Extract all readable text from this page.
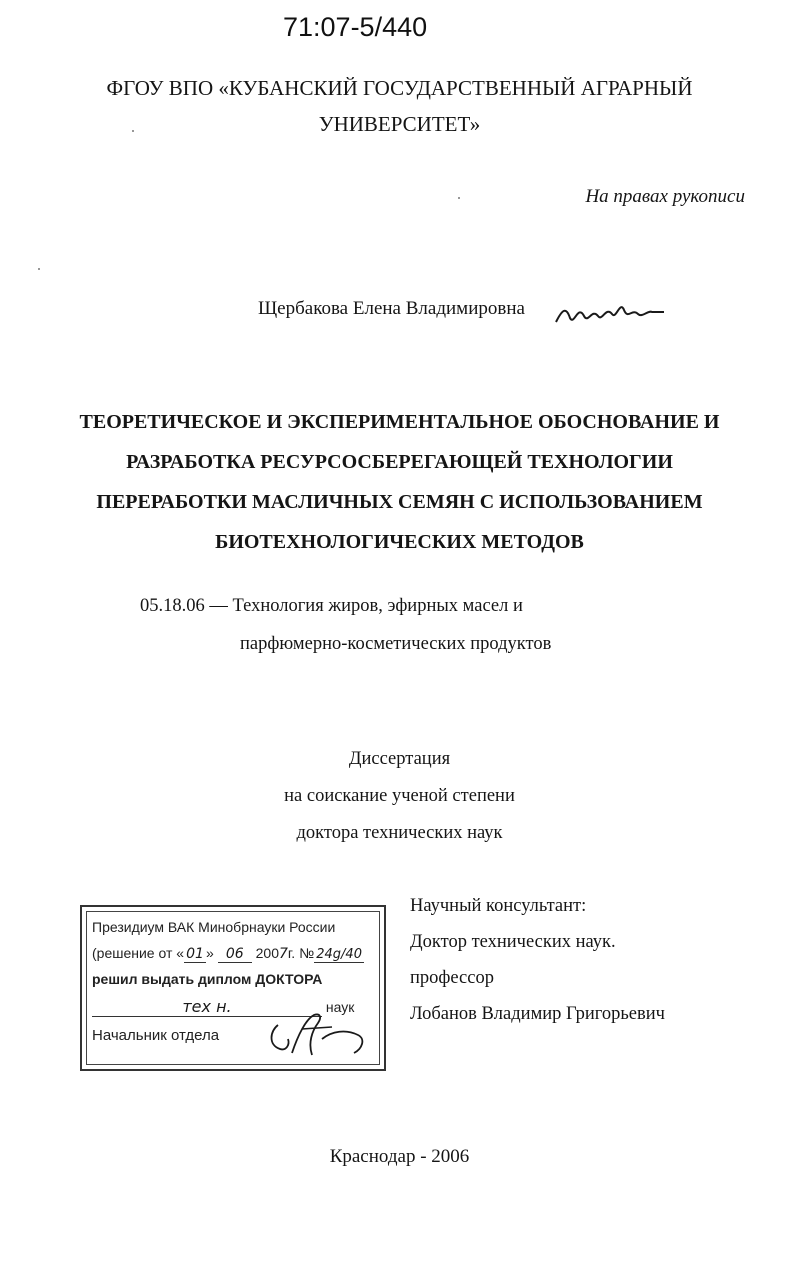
71:07-5/440
ФГОУ ВПО «КУБАНСКИЙ ГОСУДАРСТВЕННЫЙ АГРАРНЫЙ
УНИВЕРСИТЕТ»
На правах рукописи
Щербакова Елена Владимировна
ТЕОРЕТИЧЕСКОЕ И ЭКСПЕРИМЕНТАЛЬНОЕ ОБОСНОВАНИЕ И
РАЗРАБОТКА РЕСУРСОСБЕРЕГАЮЩЕЙ ТЕХНОЛОГИИ
ПЕРЕРАБОТКИ МАСЛИЧНЫХ СЕМЯН С ИСПОЛЬЗОВАНИЕМ
БИОТЕХНОЛОГИЧЕСКИХ МЕТОДОВ
05.18.06 — Технология жиров, эфирных масел и
парфюмерно-косметических продуктов
Диссертация
на соискание ученой степени
доктора технических наук
Научный консультант:
Доктор технических наук.
профессор
Лобанов Владимир Григорьевич
Президиум ВАК Минобрнауки России
(решение от « 01 » 06 2007г. № 24g/40
решил выдать диплом ДОКТОРА
тех н.	наук
Начальник отдела
Краснодар - 2006
